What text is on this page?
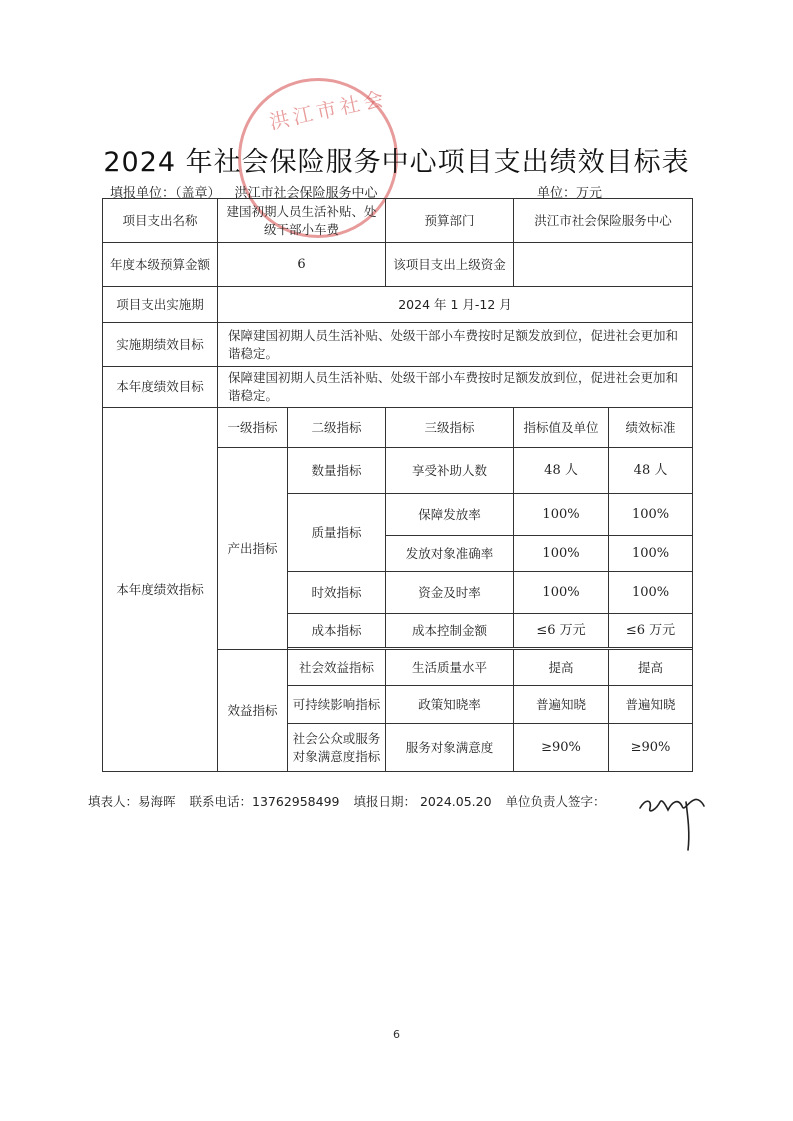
洪江市社会
2024 年社会保险服务中心项目支出绩效目标表
填报单位：（盖章） 洪江市社会保险服务中心	单位：万元
项目支出名称	建国初期人员生活补贴、处级干部小车费		预算部门	洪江市社会保险服务中心	
年度本级预算金额	6		该项目支出上级资金		
项目支出实施期	2024 年 1 月-12 月				
实施期绩效目标	保障建国初期人员生活补贴、处级干部小车费按时足额发放到位，促进社会更加和谐稳定。				
本年度绩效目标	保障建国初期人员生活补贴、处级干部小车费按时足额发放到位，促进社会更加和谐稳定。				
本年度绩效指标	一级指标	二级指标	三级指标	指标值及单位	绩效标准
	产出指标	数量指标	享受补助人数	48 人	48 人
		质量指标	保障发放率	100%	100%
			发放对象准确率	100%	100%
		时效指标	资金及时率	100%	100%
		成本指标	成本控制金额	≤6 万元	≤6 万元

	效益指标	社会效益指标	生活质量水平	提高	提高
		可持续影响指标	政策知晓率	普遍知晓	普遍知晓
		社会公众或服务对象满意度指标	服务对象满意度	≥90%	≥90%
填表人：易海晖 联系电话：13762958499 填报日期： 2024.05.20 单位负责人签字：
6
